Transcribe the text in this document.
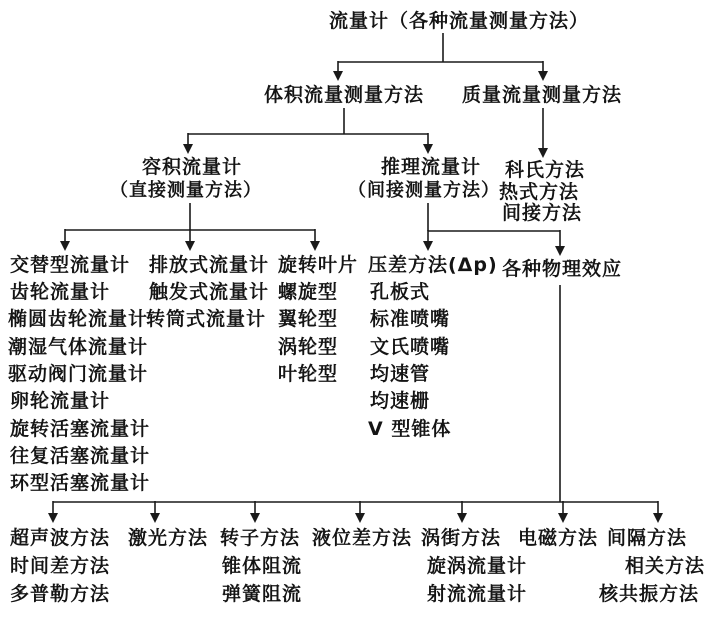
流量计（各种流量测量方法）
体积流量测量方法 质量流量测量方法
容积流量计
（直接测量方法）
推理流量计
（间接测量方法）
科氏方法
热式方法
间接方法
交替型流量计
齿轮流量计
椭圆齿轮流量计
潮湿气体流量计
驱动阀门流量计
卵轮流量计
旋转活塞流量计
往复活塞流量计
环型活塞流量计
排放式流量计
触发式流量计
转筒式流量计
旋转叶片
螺旋型
翼轮型
涡轮型
叶轮型
压差方法(Δp)
孔板式
标准喷嘴
文氏喷嘴
均速管
均速栅
V 型锥体
各种物理效应
超声波方法
时间差方法
多普勒方法
激光方法 转子方法
锥体阻流
弹簧阻流
液位差方法 涡街方法
旋涡流量计
射流流量计
电磁方法 间隔方法
相关方法
核共振方法
